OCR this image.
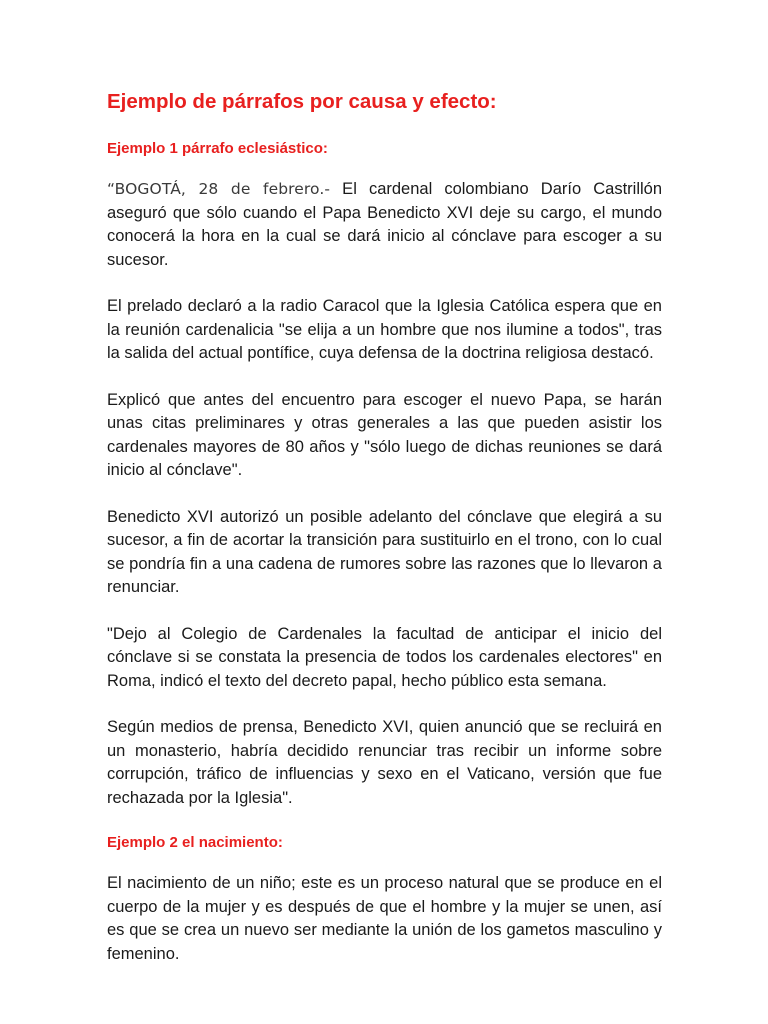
Ejemplo de párrafos por causa y efecto:
Ejemplo 1 párrafo eclesiástico:

“BOGOTÁ, 28 de febrero.- El cardenal colombiano Darío Castrillón aseguró que sólo cuando el Papa Benedicto XVI deje su cargo, el mundo conocerá la hora en la cual se dará inicio al cónclave para escoger a su sucesor.

El prelado declaró a la radio Caracol que la Iglesia Católica espera que en la reunión cardenalicia "se elija a un hombre que nos ilumine a todos", tras la salida del actual pontífice, cuya defensa de la doctrina religiosa destacó.

Explicó que antes del encuentro para escoger el nuevo Papa, se harán unas citas preliminares y otras generales a las que pueden asistir los cardenales mayores de 80 años y "sólo luego de dichas reuniones se dará inicio al cónclave".

Benedicto XVI autorizó un posible adelanto del cónclave que elegirá a su sucesor, a fin de acortar la transición para sustituirlo en el trono, con lo cual se pondría fin a una cadena de rumores sobre las razones que lo llevaron a renunciar.

"Dejo al Colegio de Cardenales la facultad de anticipar el inicio del cónclave si se constata la presencia de todos los cardenales electores" en Roma, indicó el texto del decreto papal, hecho público esta semana.

Según medios de prensa, Benedicto XVI, quien anunció que se recluirá en un monasterio, habría decidido renunciar tras recibir un informe sobre corrupción, tráfico de influencias y sexo en el Vaticano, versión que fue rechazada por la Iglesia".

Ejemplo 2 el nacimiento:

El nacimiento de un niño; este es un proceso natural que se produce en el cuerpo de la mujer y es después de que el hombre y la mujer se unen, así es que se crea un nuevo ser mediante la unión de los gametos masculino y femenino.
